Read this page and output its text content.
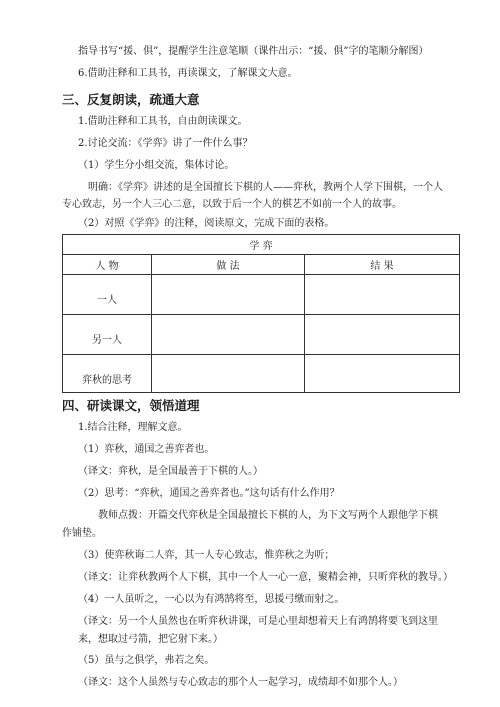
指导书写“援、俱”，提醒学生注意笔顺（课件出示：“援、俱”字的笔顺分解图）
6.借助注释和工具书，再读课文，了解课文大意。
三、反复朗读，疏通大意
1.借助注释和工具书，自由朗读课文。
2.讨论交流：《学弈》讲了一件什么事？
（1）学生分小组交流，集体讨论。
明确：《学弈》讲述的是全国擅长下棋的人——弈秋，教两个人学下围棋，一个人
专心致志，另一个人三心二意，以致于后一个人的棋艺不如前一个人的故事。
（2）对照《学弈》的注释，阅读原文，完成下面的表格。
学 弈		
人 物	做 法	结 果
一人		
另一人		
弈秋的思考		
四、研读课文，领悟道理
1.结合注释，理解文意。
（1）弈秋，通国之善弈者也。
（译文：弈秋，是全国最善于下棋的人。）
（2）思考：“弈秋，通国之善弈者也。”这句话有什么作用？
教师点拨：开篇交代弈秋是全国最擅长下棋的人，为下文写两个人跟他学下棋
作铺垫。
（3）使弈秋诲二人弈，其一人专心致志，惟弈秋之为听；
（译文：让弈秋教两个人下棋，其中一个人一心一意，聚精会神，只听弈秋的教导。）
（4）一人虽听之，一心以为有鸿鹄将至，思援弓缴而射之。
（译文：另一个人虽然也在听弈秋讲课，可是心里却想着天上有鸿鹄将要飞到这里
来，想取过弓箭，把它射下来。）
（5）虽与之俱学，弗若之矣。
（译文：这个人虽然与专心致志的那个人一起学习，成绩却不如那个人。）
